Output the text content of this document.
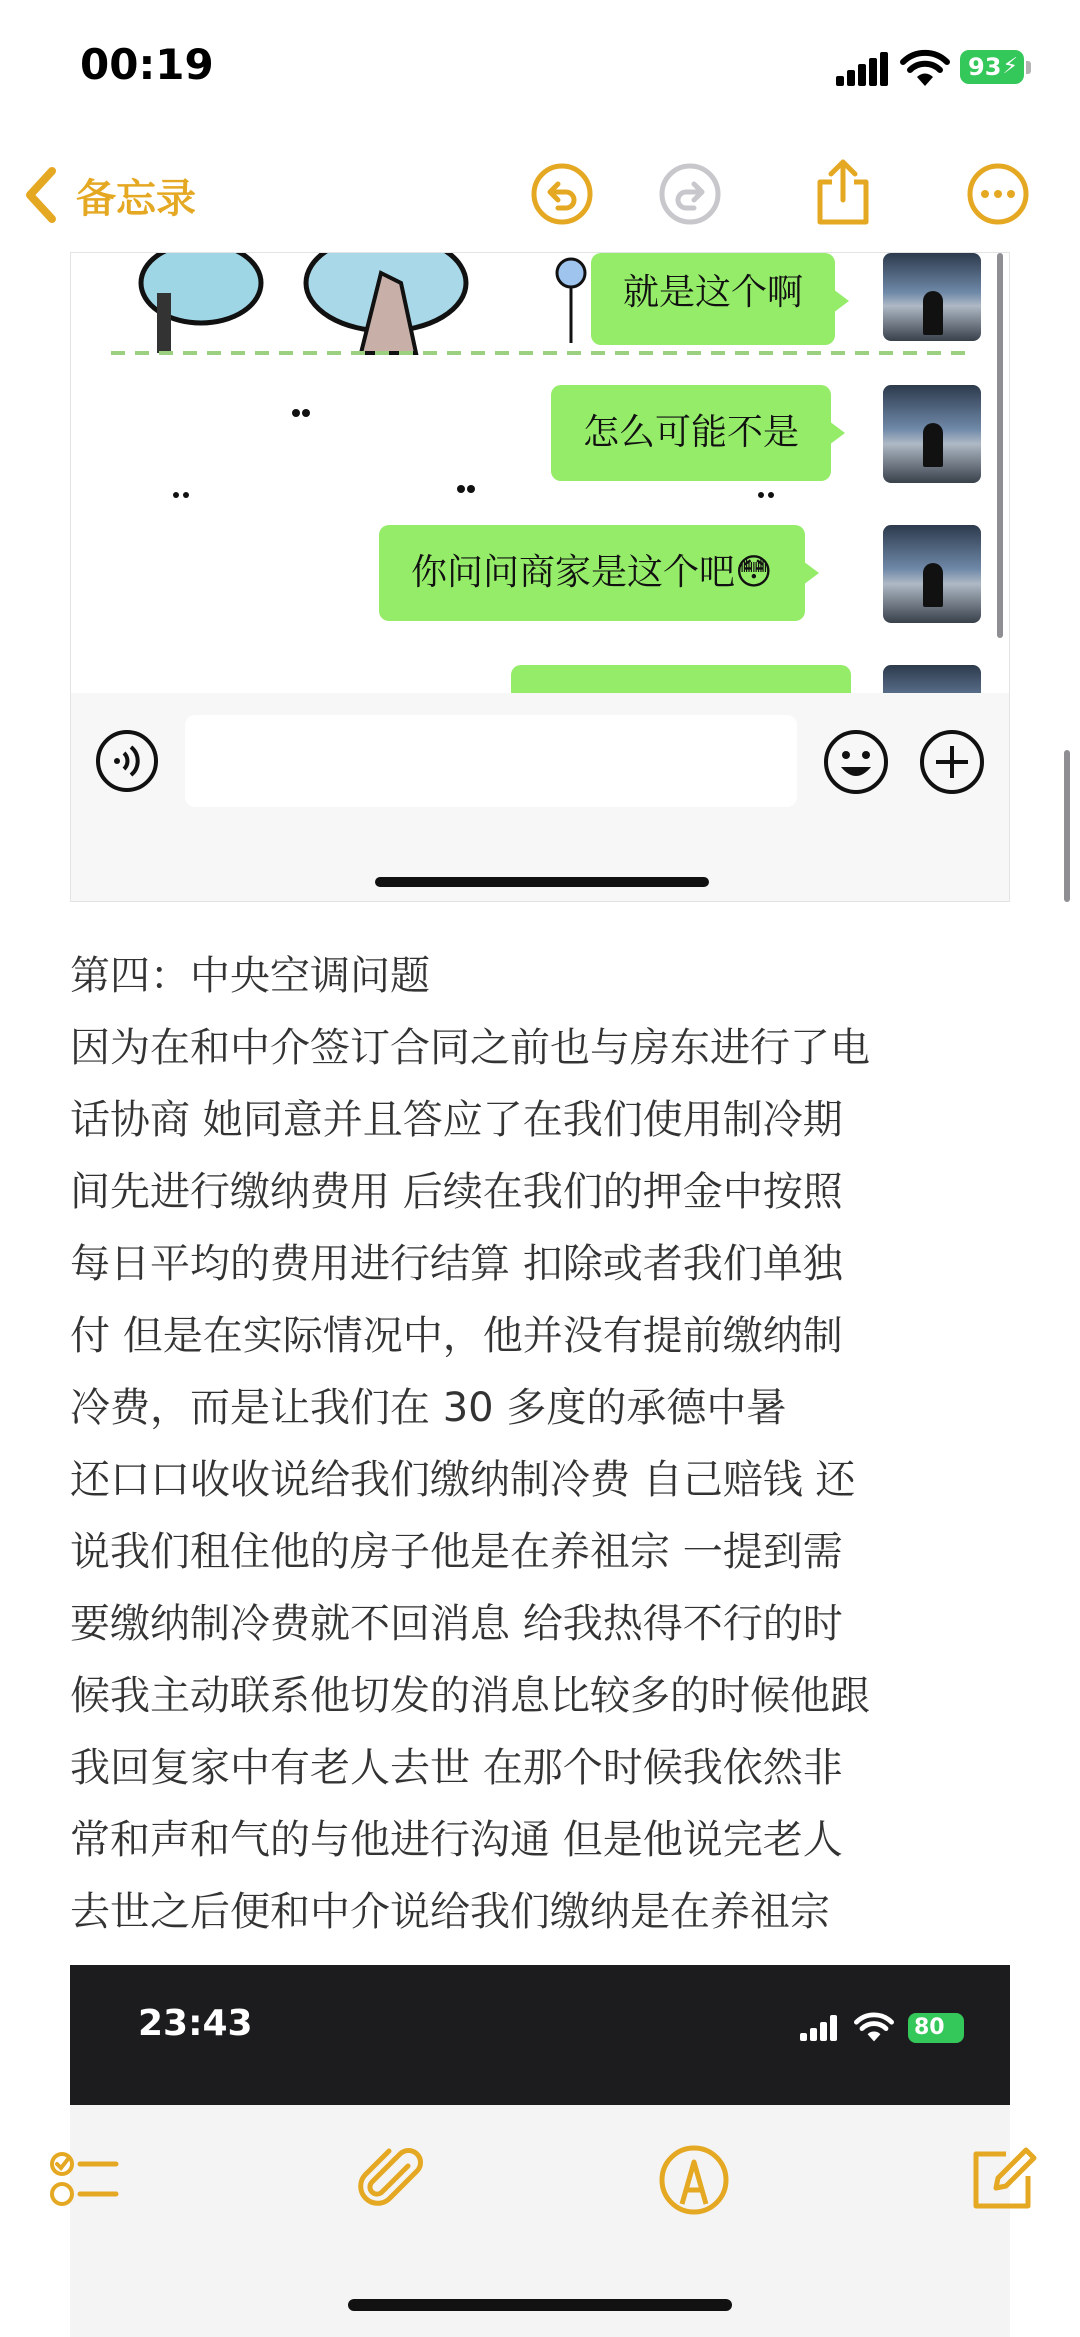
00:19	93 ⚡
备忘录
就是这个啊
怎么可能不是
你问问商家是这个吧😳
第四：中央空调问题
因为在和中介签订合同之前也与房东进行了电
话协商 她同意并且答应了在我们使用制冷期
间先进行缴纳费用 后续在我们的押金中按照
每日平均的费用进行结算 扣除或者我们单独
付 但是在实际情况中，他并没有提前缴纳制
冷费，而是让我们在 30 多度的承德中暑
还口口收收说给我们缴纳制冷费 自己赔钱 还
说我们租住他的房子他是在养祖宗 一提到需
要缴纳制冷费就不回消息 给我热得不行的时
候我主动联系他切发的消息比较多的时候他跟
我回复家中有老人去世 在那个时候我依然非
常和声和气的与他进行沟通 但是他说完老人
去世之后便和中介说给我们缴纳是在养祖宗
23:43	80
